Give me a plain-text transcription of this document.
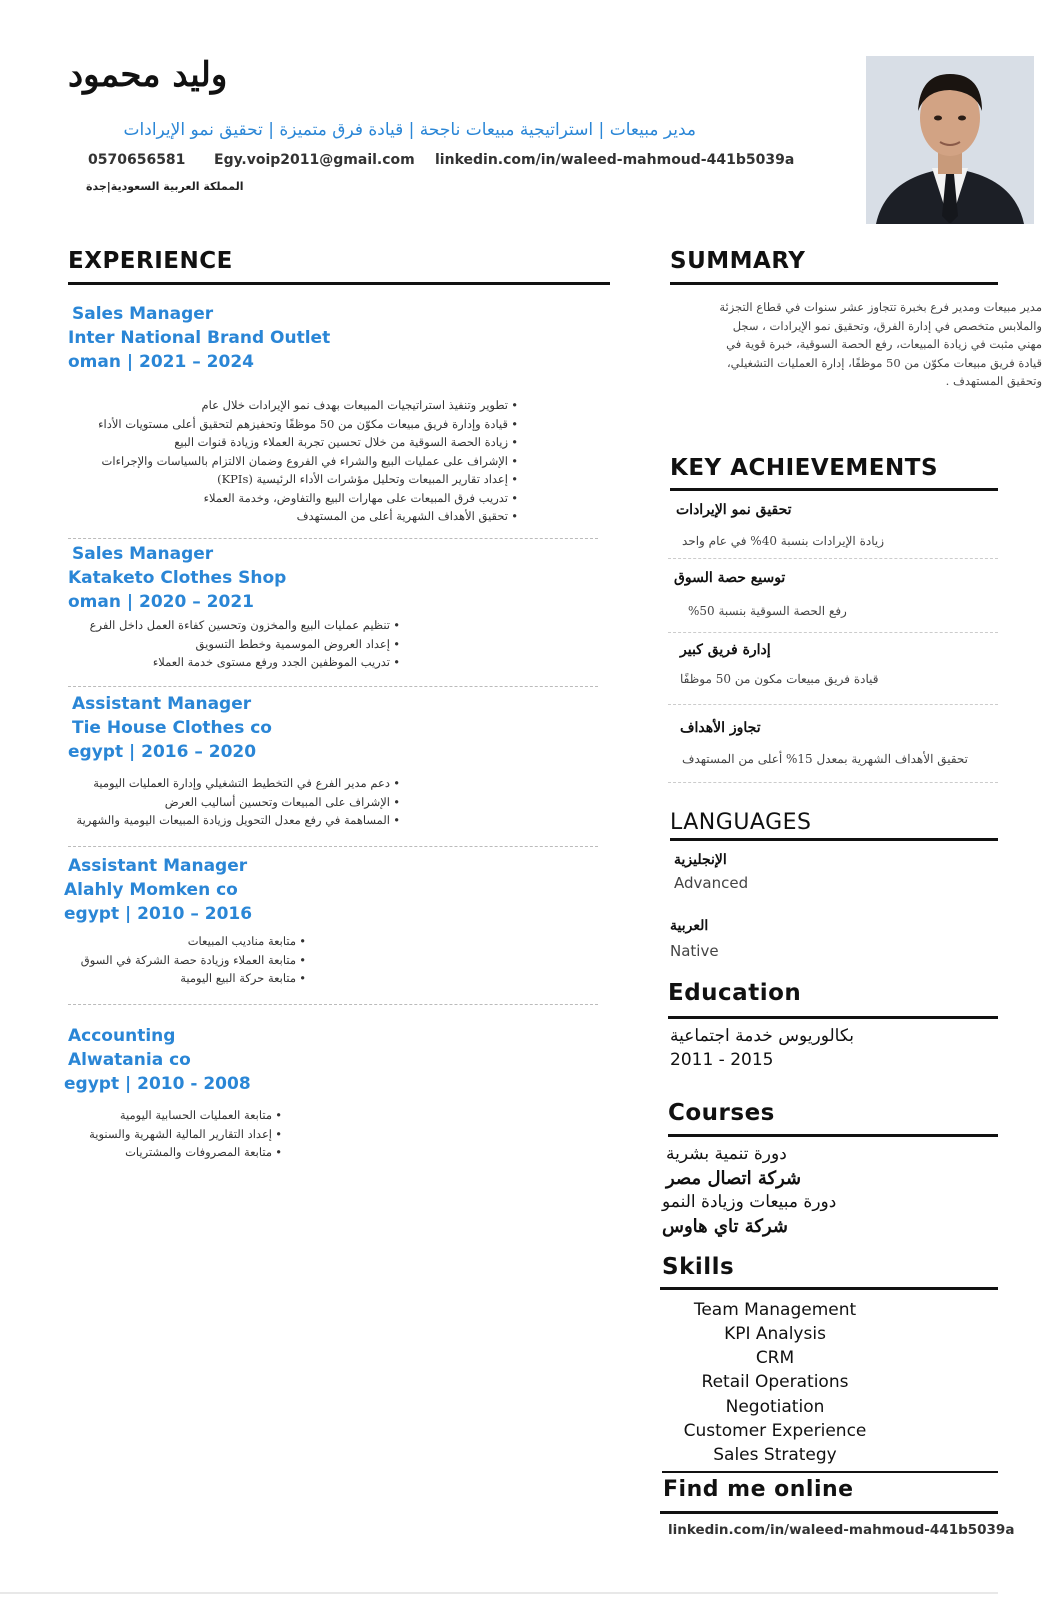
وليد محمود
مدير مبيعات | استراتيجية مبيعات ناجحة | قيادة فرق متميزة | تحقيق نمو الإيرادات
0570656581 Egy.voip2011@gmail.com linkedin.com/in/waleed-mahmoud-441b5039a
المملكة العربية السعودية|جدة
EXPERIENCE
Sales Manager
Inter National Brand Outlet
oman | 2021 – 2024
تطوير وتنفيذ استراتيجيات المبيعات بهدف نمو الإيرادات خلال عام •
قيادة وإدارة فريق مبيعات مكوّن من 50 موظفًا وتحفيزهم لتحقيق أعلى مستويات الأداء •
زيادة الحصة السوقية من خلال تحسين تجربة العملاء وزيادة قنوات البيع •
الإشراف على عمليات البيع والشراء في الفروع وضمان الالتزام بالسياسات والإجراءات •
إعداد تقارير المبيعات وتحليل مؤشرات الأداء الرئيسية (KPIs) •
تدريب فرق المبيعات على مهارات البيع والتفاوض، وخدمة العملاء •
تحقيق الأهداف الشهرية أعلى من المستهدف •
Sales Manager
Kataketo Clothes Shop
oman | 2020 – 2021
تنظيم عمليات البيع والمخزون وتحسين كفاءة العمل داخل الفرع •
إعداد العروض الموسمية وخطط التسويق •
تدريب الموظفين الجدد ورفع مستوى خدمة العملاء •
Assistant Manager
Tie House Clothes co
egypt | 2016 – 2020
دعم مدير الفرع في التخطيط التشغيلي وإدارة العمليات اليومية •
الإشراف على المبيعات وتحسين أساليب العرض •
المساهمة في رفع معدل التحويل وزيادة المبيعات اليومية والشهرية •
Assistant Manager
Alahly Momken co
egypt | 2010 – 2016
متابعة مناديب المبيعات •
متابعة العملاء وزيادة حصة الشركة في السوق •
متابعة حركة البيع اليومية •
Accounting
Alwatania co
egypt | 2010 - 2008
متابعة العمليات الحسابية اليومية •
إعداد التقارير المالية الشهرية والسنوية •
متابعة المصروفات والمشتريات •
SUMMARY
مدير مبيعات ومدير فرع بخبرة تتجاوز عشر سنوات في قطاع التجزئة
والملابس متخصص في إدارة الفرق، وتحقيق نمو الإيرادات ، سجل
مهني مثبت في زيادة المبيعات، رفع الحصة السوقية، خبرة قوية في
قيادة فريق مبيعات مكوّن من 50 موظفًا، إدارة العمليات التشغيلي،
وتحقيق المستهدف .
KEY ACHIEVEMENTS
تحقيق نمو الإيرادات
زيادة الإيرادات بنسبة 40% في عام واحد
توسيع حصة السوق
رفع الحصة السوقية بنسبة 50%
إدارة فريق كبير
قيادة فريق مبيعات مكون من 50 موظفًا
تجاوز الأهداف
تحقيق الأهداف الشهرية بمعدل 15% أعلى من المستهدف
LANGUAGES
الإنجليزية
Advanced
العربية
Native
Education
بكالوريوس خدمة اجتماعية
2011 - 2015
Courses
دورة تنمية بشرية
شركة اتصال مصر
دورة مبيعات وزيادة النمو
شركة تاي هاوس
Skills
Team Management
KPI Analysis
CRM
Retail Operations
Negotiation
Customer Experience
Sales Strategy
Find me online
linkedin.com/in/waleed-mahmoud-441b5039a
